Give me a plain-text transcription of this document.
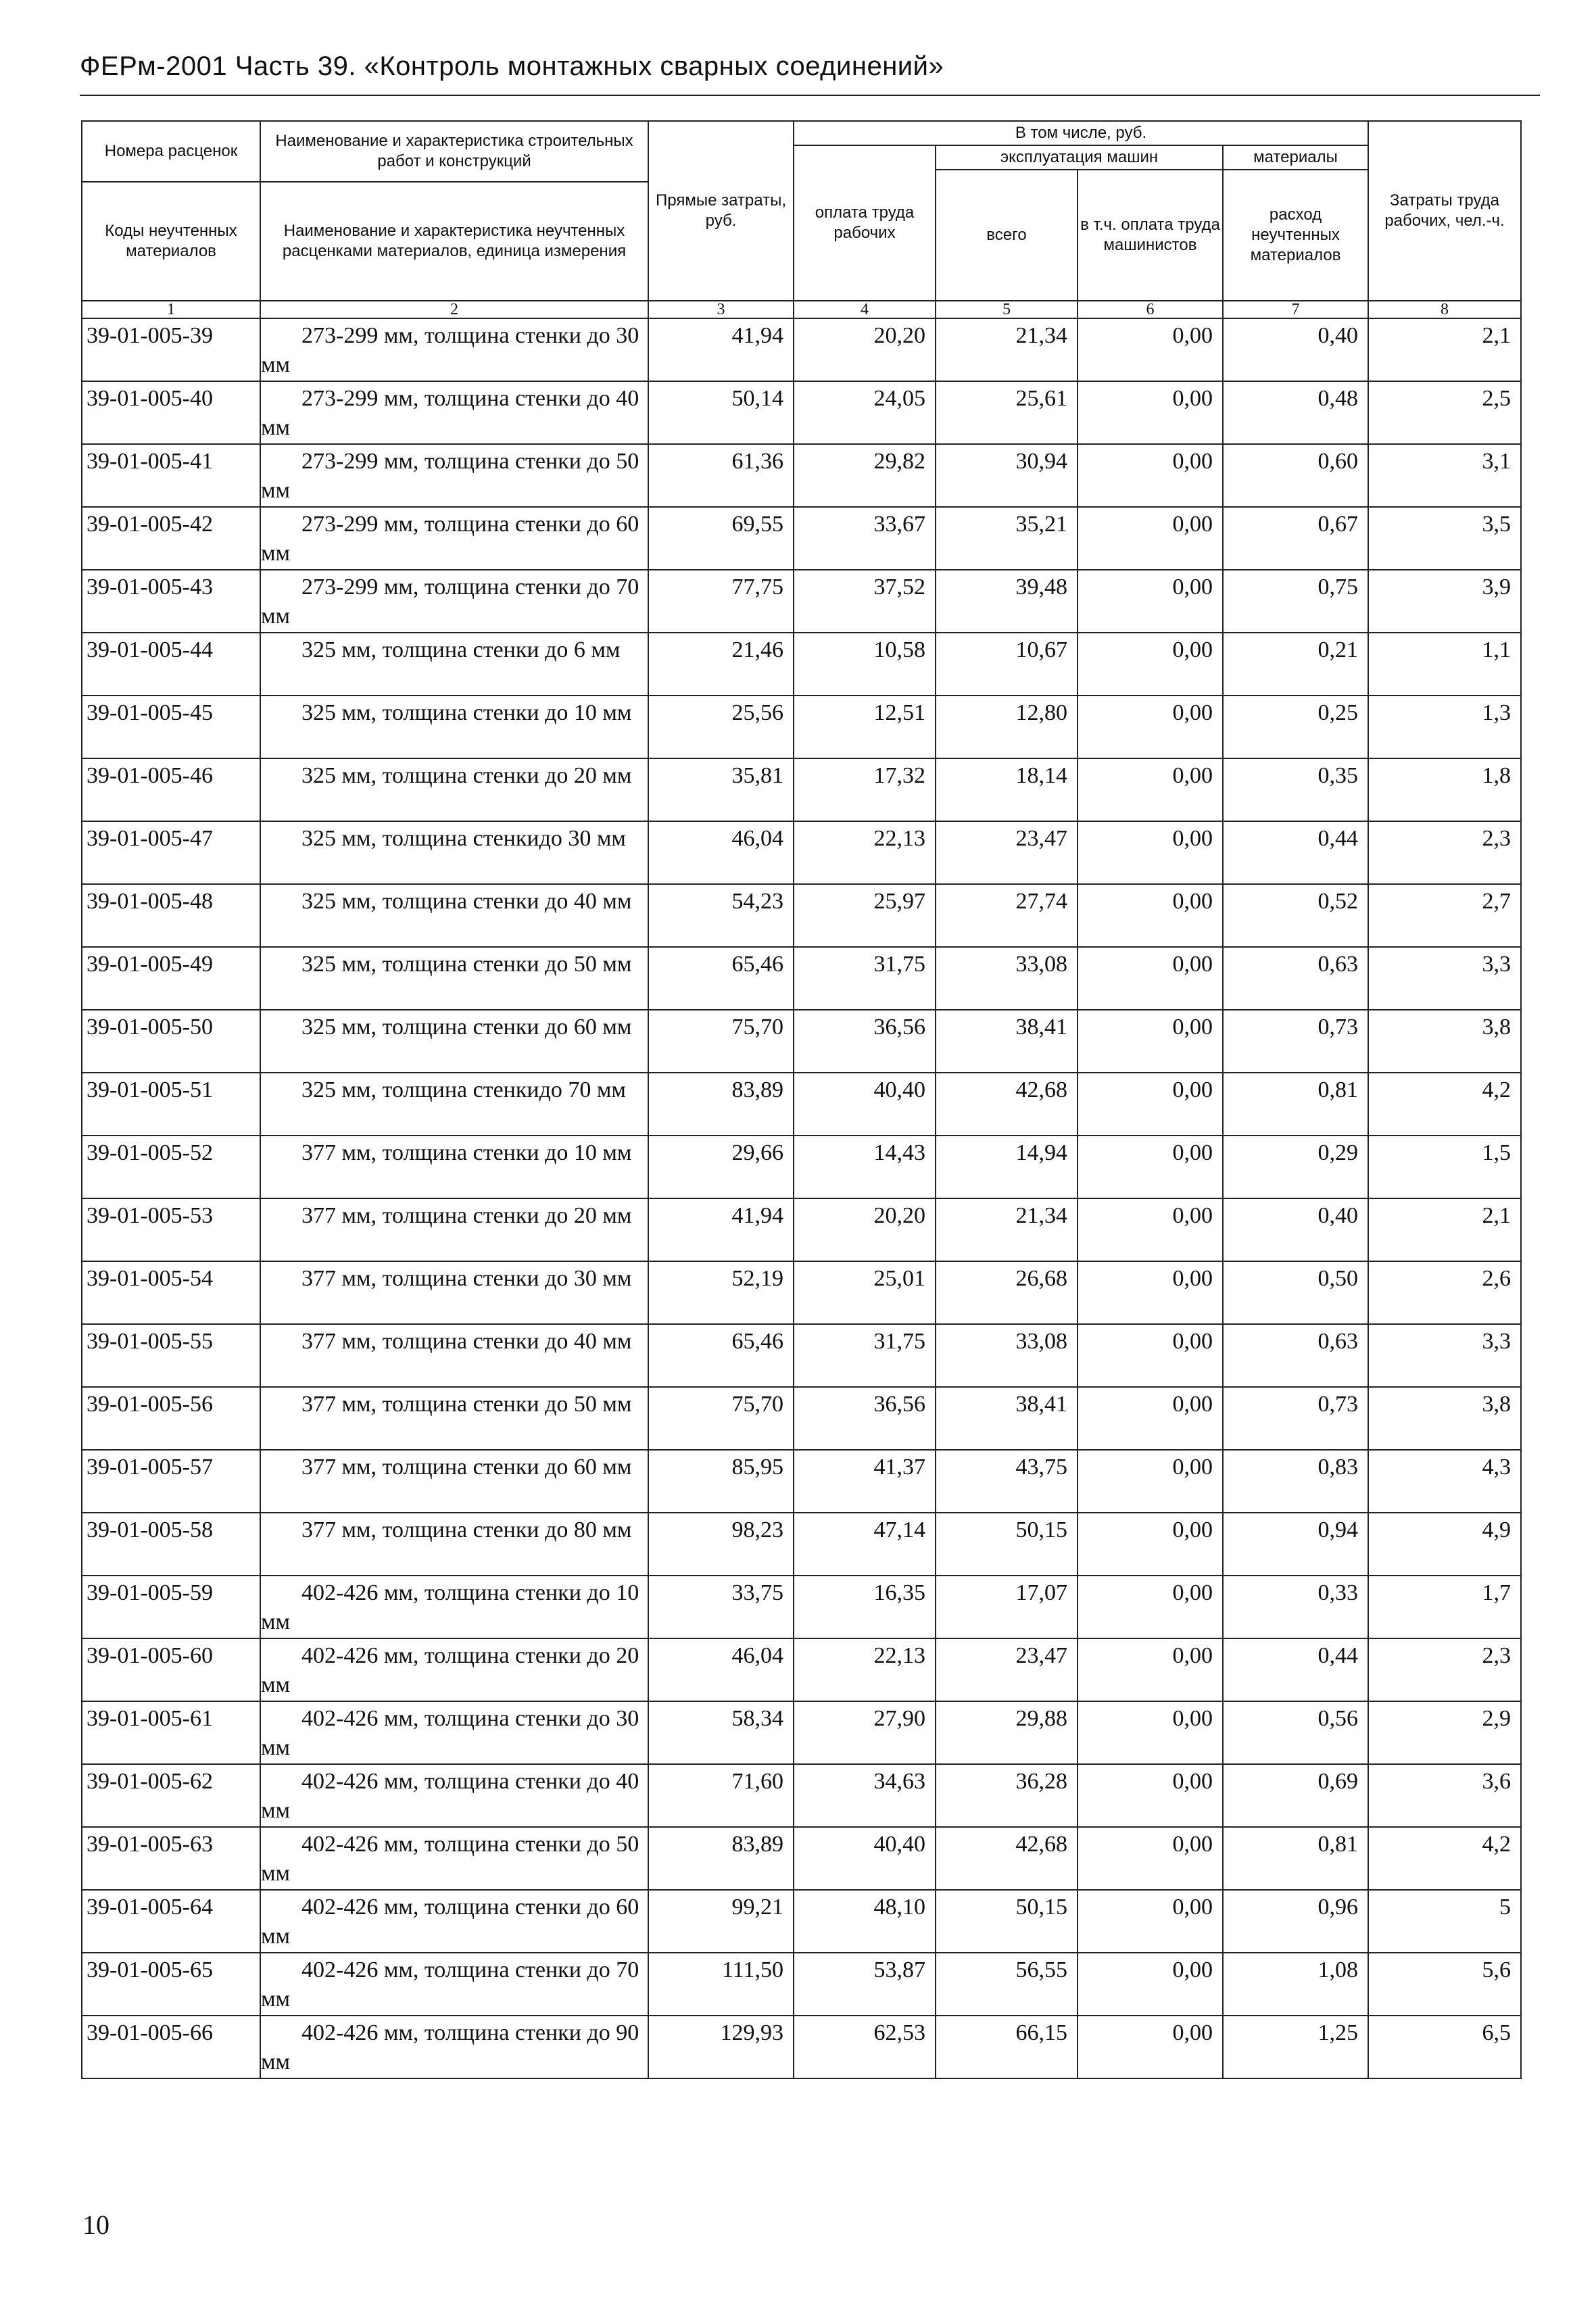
ФЕРм-2001 Часть 39. «Контроль монтажных сварных соединений»
Номера расценок	Наименование и характеристика строительных работ и конструкций	Прямые затраты, руб.	В том числе, руб.				Затраты труда рабочих, чел.-ч.
			оплата труда рабочих	эксплуатация машин		материалы	
				всего	в т.ч. оплата труда машинистов	расход неучтенных материалов	
Коды неучтенных материалов	Наименование и характеристика неучтенных расценками материалов, единица измерения						

1	2	3	4	5	6	7	8
39-01-005-39	273-299 мм, толщина стенки до 30 мм	41,94	20,20	21,34	0,00	0,40	2,1
39-01-005-40	273-299 мм, толщина стенки до 40 мм	50,14	24,05	25,61	0,00	0,48	2,5
39-01-005-41	273-299 мм, толщина стенки до 50 мм	61,36	29,82	30,94	0,00	0,60	3,1
39-01-005-42	273-299 мм, толщина стенки до 60 мм	69,55	33,67	35,21	0,00	0,67	3,5
39-01-005-43	273-299 мм, толщина стенки до 70 мм	77,75	37,52	39,48	0,00	0,75	3,9
39-01-005-44	325 мм, толщина стенки до 6 мм	21,46	10,58	10,67	0,00	0,21	1,1
39-01-005-45	325 мм, толщина стенки до 10 мм	25,56	12,51	12,80	0,00	0,25	1,3
39-01-005-46	325 мм, толщина стенки до 20 мм	35,81	17,32	18,14	0,00	0,35	1,8
39-01-005-47	325 мм, толщина стенкидо 30 мм	46,04	22,13	23,47	0,00	0,44	2,3
39-01-005-48	325 мм, толщина стенки до 40 мм	54,23	25,97	27,74	0,00	0,52	2,7
39-01-005-49	325 мм, толщина стенки до 50 мм	65,46	31,75	33,08	0,00	0,63	3,3
39-01-005-50	325 мм, толщина стенки до 60 мм	75,70	36,56	38,41	0,00	0,73	3,8
39-01-005-51	325 мм, толщина стенкидо 70 мм	83,89	40,40	42,68	0,00	0,81	4,2
39-01-005-52	377 мм, толщина стенки до 10 мм	29,66	14,43	14,94	0,00	0,29	1,5
39-01-005-53	377 мм, толщина стенки до 20 мм	41,94	20,20	21,34	0,00	0,40	2,1
39-01-005-54	377 мм, толщина стенки до 30 мм	52,19	25,01	26,68	0,00	0,50	2,6
39-01-005-55	377 мм, толщина стенки до 40 мм	65,46	31,75	33,08	0,00	0,63	3,3
39-01-005-56	377 мм, толщина стенки до 50 мм	75,70	36,56	38,41	0,00	0,73	3,8
39-01-005-57	377 мм, толщина стенки до 60 мм	85,95	41,37	43,75	0,00	0,83	4,3
39-01-005-58	377 мм, толщина стенки до 80 мм	98,23	47,14	50,15	0,00	0,94	4,9
39-01-005-59	402-426 мм, толщина стенки до 10 мм	33,75	16,35	17,07	0,00	0,33	1,7
39-01-005-60	402-426 мм, толщина стенки до 20 мм	46,04	22,13	23,47	0,00	0,44	2,3
39-01-005-61	402-426 мм, толщина стенки до 30 мм	58,34	27,90	29,88	0,00	0,56	2,9
39-01-005-62	402-426 мм, толщина стенки до 40 мм	71,60	34,63	36,28	0,00	0,69	3,6
39-01-005-63	402-426 мм, толщина стенки до 50 мм	83,89	40,40	42,68	0,00	0,81	4,2
39-01-005-64	402-426 мм, толщина стенки до 60 мм	99,21	48,10	50,15	0,00	0,96	5
39-01-005-65	402-426 мм, толщина стенки до 70 мм	111,50	53,87	56,55	0,00	1,08	5,6
39-01-005-66	402-426 мм, толщина стенки до 90 мм	129,93	62,53	66,15	0,00	1,25	6,5
10
